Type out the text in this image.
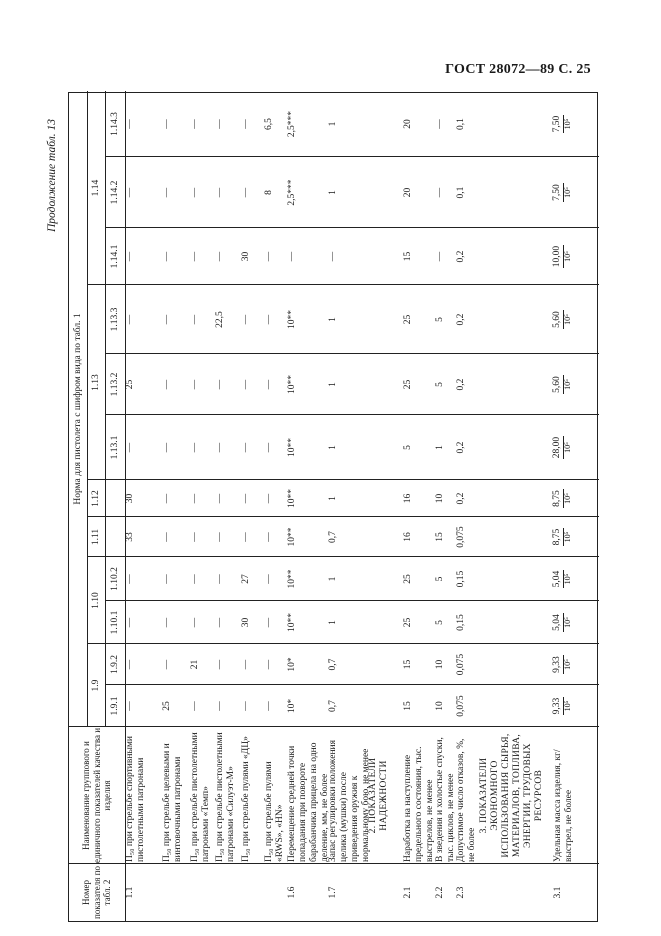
ГОСТ 28072—89 С. 25
Продолжение табл. 13
Номер показателя по табл. 2
Наименование группового и единичного показателей качества и изделия
Норма для пистолета с шифром вида по табл. 1
1.9
1.10
1.11
1.12
1.13
1.14
1.9.1
1.9.2
1.10.1
1.10.2
1.13.1
1.13.2
1.13.3
1.14.1
1.14.2
1.14.3
1.1
П₅₀ при стрельбе спортивными пистолетными патронами
—
—
—
—
33
30
—
25
—
—
—
—
П₅₀ при стрельбе целевыми и винтовочными патронами
25
—
—
—
—
—
—
—
—
—
—
—
П₅₀ при стрельбе пистолетными патронами «Темп»
—
21
—
—
—
—
—
—
—
—
—
—
П₅₀ при стрельбе пистолетными патронами «Силуэт-М»
—
—
—
—
—
—
—
—
22,5
—
—
—
П₅₀ при стрельбе пулями «ДЦ»
—
—
30
27
—
—
—
—
—
30
—
—
П₅₀ при стрельбе пулями «RWS», «HN»
—
—
—
—
—
—
—
—
—
—
8
6,5
1.6
Перемещение средней точки попадания при повороте барабанчика прицела на одно деление, мм, не более
10*
10*
10**
10**
10**
10**
10**
10**
10**
—
2,5***
2,5***
1.7
Запас регулировки положения целика (мушки) после приведения оружия к нормальному бою, не менее
0,7
0,7
1
1
0,7
1
1
1
1
—
1
1
2. ПОКАЗАТЕЛИ НАДЕЖНОСТИ
2.1
Наработка на наступление предельного состояния, тыс. выстрелов, не менее
15
15
25
25
16
16
5
25
25
15
20
20
2.2
В зведения и холостые спуски, тыс. циклов, не менее
10
10
5
5
15
10
1
5
5
—
—
—
2.3
Допустимое число отказов, %, не более
0,075
0,075
0,15
0,15
0,075
0,2
0,2
0,2
0,2
0,2
0,1
0,1
3. ПОКАЗАТЕЛИ ЭКОНОМНОГО ИСПОЛЬЗОВАНИЯ СЫРЬЯ, МАТЕРИАЛОВ, ТОПЛИВА, ЭНЕРГИИ, ТРУДОВЫХ РЕСУРСОВ
3.1
Удельная масса изделия, кг/выстрел, не более
9,33 10⁵
9,33 10⁵
5,04 10⁵
5,04 10⁵
8,75 10⁵
8,75 10⁵
28,00 10⁵
5,60 10⁵
5,60 10⁵
10,00 10⁵
7,50 10⁵
7,50 10⁵
